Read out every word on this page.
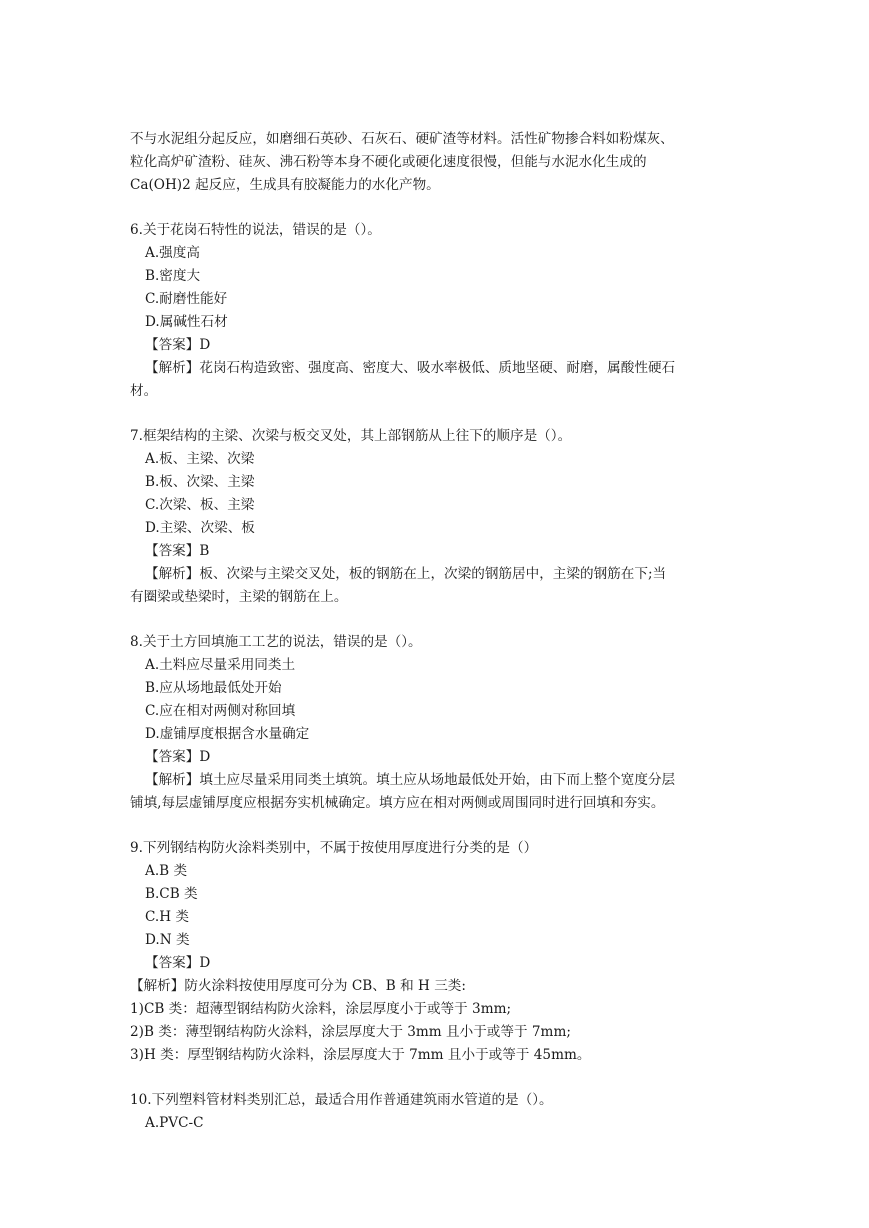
不与水泥组分起反应，如磨细石英砂、石灰石、硬矿渣等材料。活性矿物掺合料如粉煤灰、
粒化高炉矿渣粉、硅灰、沸石粉等本身不硬化或硬化速度很慢，但能与水泥水化生成的
Ca(OH)2 起反应，生成具有胶凝能力的水化产物。
6.关于花岗石特性的说法，错误的是（）。
A.强度高
B.密度大
C.耐磨性能好
D.属碱性石材
【答案】D
【解析】花岗石构造致密、强度高、密度大、吸水率极低、质地坚硬、耐磨，属酸性硬石
材。
7.框架结构的主梁、次梁与板交叉处，其上部钢筋从上往下的顺序是（）。
A.板、主梁、次梁
B.板、次梁、主梁
C.次梁、板、主梁
D.主梁、次梁、板
【答案】B
【解析】板、次梁与主梁交叉处，板的钢筋在上，次梁的钢筋居中，主梁的钢筋在下;当
有圈梁或垫梁时，主梁的钢筋在上。
8.关于土方回填施工工艺的说法，错误的是（）。
A.土料应尽量采用同类土
B.应从场地最低处开始
C.应在相对两侧对称回填
D.虚铺厚度根据含水量确定
【答案】D
【解析】填土应尽量采用同类土填筑。填土应从场地最低处开始，由下而上整个宽度分层
铺填,每层虚铺厚度应根据夯实机械确定。填方应在相对两侧或周围同时进行回填和夯实。
9.下列钢结构防火涂料类别中，不属于按使用厚度进行分类的是（）
A.B 类
B.CB 类
C.H 类
D.N 类
【答案】D
【解析】防火涂料按使用厚度可分为 CB、B 和 H 三类:
1)CB 类：超薄型钢结构防火涂料，涂层厚度小于或等于 3mm;
2)B 类：薄型钢结构防火涂料，涂层厚度大于 3mm 且小于或等于 7mm;
3)H 类：厚型钢结构防火涂料，涂层厚度大于 7mm 且小于或等于 45mm。
10.下列塑料管材料类别汇总，最适合用作普通建筑雨水管道的是（）。
A.PVC-C
